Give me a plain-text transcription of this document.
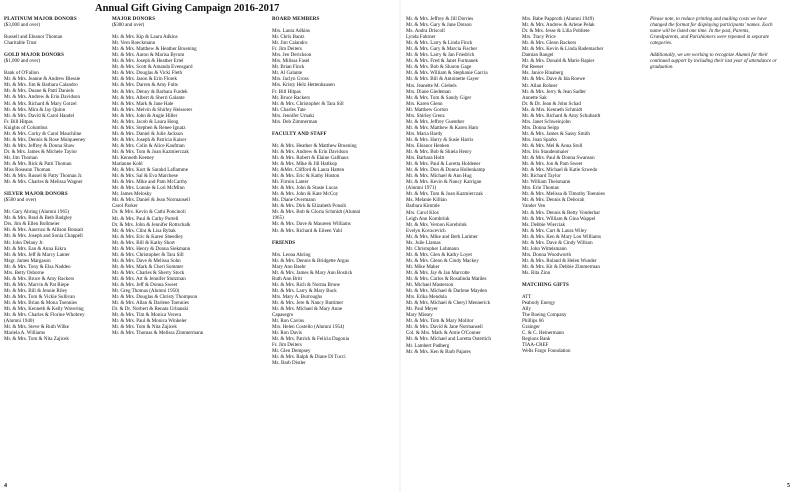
Annual Gift Giving Campaign 2016-2017
PLATINUM MAJOR DONORS
($3,000 and over)
Russell and Eleanor Thoman
Charitable Trust
GOLD MAJOR DONORS
($1,000 and over)
Bank of O'Fallon
Mr. & Mrs. Jeanne & Andrew Blessie
Mr. & Mrs. Jim & Barbara Calandro
Mr. & Mrs. Duane & Patti Daniels
Mr. & Mrs. Andrew & Erin Davidson
Mr. & Mrs. Richard & Mary Gorzel
Mr. & Mrs. Mira & Jay Quinn
Mr. & Mrs. David & Carol Handel
Fr. Bill Hitpas
Knights of Columbus
Mr. & Mrs. Corky & Carol Mauchline
Mr. & Mrs. Dennis & Rose Mulqueeney
Mr. & Mrs. Jeffrey & Donna Shaw
Dr. & Mrs. James & Michele Taylor
Mr. Jim Thoman
Mr. & Mrs. Rick & Patti Thoman
Miss Roseann Thoman
Mr. & Mrs. Russel & Patty Thoman Jr.
Mr. & Mrs. Charles & Melissa Wagner
SILVER MAJOR DONORS
($500 and over)
Mr. Gary Ahring (Alumni 1965)
Mr. & Mrs. Brad & Beth Badgley
Drs. Jim & Ellen Bollmeier
Mr. & Mrs. Aaornzo & Allison Bonsait
Mr. & Mrs. Joseph and Sonia Chappell
Mr. John Delany Jr.
Mr. & Mrs. Ean & Anna Eskra
Mr. & Mrs. Jeff & Marcy Lanter
Msgr. James Margason
Mr. & Mrs. Tony & Elsa Naddeo
Mrs. Betty Osborne
Mr. & Mrs. Bruce & Amy Rackers
Mr. & Mrs. Marvin & Pat Riepe
Mr. & Mrs. Bill & Jennie Riley
Mr. & Mrs. Tom & Vickie Sullivan
Mr. & Mrs. Brian & Mona Toennies
Mr. & Mrs. Kenneth & Kelly Wavering
Mr. & Mrs. Charles & Florine Whobrey
(Alumni 1940)
Mr. & Mrs. Steve & Ruth Wilke
Mariela A. Williams
Mr. & Mrs. Tom & Nita Zajicek
MAJOR DONORS
($300 and over)
Mr. & Mrs. Kip & Laura Adkins
Mr. Vern Boeckmann
Mr. & Mrs. Matthew & Heather Bruening
Mr. & Mrs. Aaron & Marisa Byrum
Mr. & Mrs. Joseph & Heather Ertel
Mr. & Mrs. Scott & Amanda Evensgard
Mr. & Mrs. Douglas & Vicki Fleth
Mr. & Mrs. Jason & Erin Florek
Mr. & Mrs. Darren & Amy Fults
Mr. & Mrs. Denny & Barbara Furdek
Mr. & Mrs. Albert & Sherri Galante
Mr. & Mrs. Mark & Jane Hale
Mr. & Mrs. Melvin & Shirley Heisserer
Mr. & Mrs. John & Angie Hiller
Mr. & Mrs. Jacob & Laura Hong
Mr. & Mrs. Stephen & Renee Ignatz
Mr. & Mrs. Daniel & Julie Jackson
Mr. & Mrs. Joseph & Patricia Kaiser
Mr. & Mrs. Colin & Alice Kaufman
Mr. & Mrs. Tom & Joan Kazmierczak
Mr. Kenneth Keeney
Marianne Kohl
Mr. & Mrs. Kurt & Sarahd Laflamme
Mr. & Mrs. Sal & Eva Marchese
Mr. & Mrs. Mike and Pam McCarthy
Mr. & Mrs. Lonnie & Lori McMinn
Mr. James Melosky
Mr. & Mrs. Daniel & Jean Normansell
Carol Parker
Dr. & Mrs. Kevin & Cathi Poncinoli
Mr. & Mrs. Paul & Cathy Portell
Dr. & Mrs. John & Jennifer Rottschalk
Mr. & Mrs. Clint & Lisa Rybak
Mr. & Mrs. Eric & Karen Sheedley
Mr. & Mrs. Bill & Kathy Short
Mr. & Mrs. Henry & Donna Siekmann
Mr. & Mrs. Christopher & Tara Sill
Mr. & Mrs. Dave & Melissa Sohn
Mr. & Mrs. Mark & Cheri Sommer
Mr. & Mrs. Charles & Sherry Stock
Mr. & Mrs. Art & Jennifer Stutzman
Mr. & Mrs. Jeff & Donna Sweet
Mr. Greg Thomas (Alumni 1950)
Mr. & Mrs. Douglas & Christy Thompson
Mr. & Mrs. Allan & Darlene Toennies
Dr. & Dr. Norbert & Renata Urbanski
Mr. & Mrs. Tim & Monica Vecera
Mr. & Mrs. Paul & Monica Winkeler
Mr. & Mrs. Tom & Nita Zajicek
Mr. & Mrs. Thomas & Melissa Zimmermann
BOARD MEMBERS
Mrs. Laura Adkins
Mr. Chris Bantz
Mr. Jim Calandro
Fr. Jim Deiters
Mrs. Jen Derickson
Mrs. Milissa Fasel
Mr. Brian Finck
Mr. Al Galante
Mrs. Jaclyn Gross
Mrs. Kristy Helz Hettenhausen
Fr. Bill Hitpas
Mr. Bruce Rackers
Mr. & Mrs. Christopher & Tara Sill
Mr. Charles Tate
Mrs. Jennifer Urnaki
Mrs. Deb Zimmerman
FACULTY AND STAFF
Mr. & Mrs. Heather & Matthew Bruening
Mr. & Mrs. Andrew & Erin Davidson
Mr. & Mrs. Robert & Elaine Gallhaus
Mr. & Mrs. Mike & Jill Hatlkop
Mr. &Mrs. Clifford & Laura Hatten
Mr. & Mrs. Eric & Kathy Huston
Mr. Firmin Lanter
Mr. & Mrs. John & Stasie Lucas
Mr. & Mrs. John & Kate McCoy
Ms. Diane Overmann
Mr. & Mrs. Dirk & Elizabeth Ponsib
Mr. & Mrs. Bob & Gloria Schmidt (Alumni
1965)
Mr. & Mrs. Dave & Maureen Williams
Mr. & Mrs. Richard & Eileen Yahl
FRIENDS
Mrs. Leona Ahring
Mr. & Mrs. Dennis & Bridgette Argus
Mary Ann Baehr
Mr. & Mrs. James & Mary Ann Bostick
Ruth Ann Britt
Mr. & Mrs. Rich & Norma Brune
Mr. & Mrs. Larry & Mary Buck
Mrs. Mary A. Burroughs
Mr. & Mrs. Jere & Nancy Buttimer
Mr. & Mrs. Michael & Mary Anne
Capasegro
Mr. Ron Cavins
Mrs. Helen Costello (Alumni 1954)
Mr. Ron Davis
Mr. & Mrs. Patrick & Felicia Dagonia
Fr. Jim Deiters
Mr. Glen Dempsey
Mr. & Mrs. Ralph & Diane Di Tucci
Ms. Barb Distler
Mr. & Mrs. Jeffrey & Jill Dorries
Mr. & Mrs. Gary & Jane Dotson
Ms. Andra Driscoll
Lynda Fahrner
Mr. & Mrs. Larry & Linda Finck
Mr. & Mrs. Gary & Marcia Fischer
Mr. & Mrs. Larry & Jan Friedrich
Mr. & Mrs. Fred & Janet Furmanek
Mr. & Mrs. Bob & Sharon Gage
Mr. & Mrs. William & Stephanie Garcia
Mr. & Mrs. Bill & Antoinette Gayer
Mrs. Jeanette M. Giebels
Mrs. Diane Giedeman
Mr. & Mrs. Tom & Sandy Giger
Mrs. Karen Glenn
Mr. Matthew Gorton
Mrs. Shirley Grenz
Mr. & Mrs. Jeffrey Guenther
Mr. & Mrs. Matthew & Karen Ham
Mrs. Maria Hardy
Mr. & Mrs. Harry & Susie Harris
Mrs. Eleanor Henken
Mr. & Mrs. Bob & Shiela Henry
Mrs. Barbara Holtt
Mr. & Mrs. Paul & Loretta Holdener
Mr. & Mrs. Don & Donna Hollenkamp
Mr. & Mrs. Michael & Ann Hug
Mr. & Mrs. Kevin & Nancy Karrigan
(Alumni 1971)
Mr. & Mrs. Tom & Joan Kazmierczak
Ms. Melanie Killian
Barbara Kimmle
Mrs. Carol Klos
Leigh Ann Kombrink
Mr. & Mrs. Vernon Korebrink
Evelyn Kovacevich
Mr. & Mrs. Mike and Beth Larimer
Ms. Julie Llamas
Mr. Christopher Lohmann
Mr. & Mrs. Glen & Kathy Loyet
Mr. & Mrs. Glenn & Cindy Mackey
Mr. Mike Maher
Mr. & Mrs. Jay & Jan Marcotte
Mr. & Mrs. Carlos & Rosalinda Matiles
Mr. Michael Masterson
Mr. & Mrs. Michael & Darlene Mayden
Mrs. Erika Mendola
Mr. & Mrs. Michael & Cheryl Mennerick
Mr. Paul Meyer
Mary Missey
Mr. & Mrs. Tom & Mary Molitor
Mr. & Mrs. David & Jane Normansell
Col. & Mrs. Mark & Amie O'Conner
Mr. & Mrs. Michael and Loretta Ostertich
Mr. Lambert Padberg
Mr. & Mrs. Ken & Barb Pajares
Mrs. Babe Papproth (Alumni 1949)
Mr. & Mrs. Andrew & Arlene Pelak
Dr. & Mrs. Jesse & Lilia Pobliete
Mrs. Tracy Price
Mr. & Mrs. Glenn Rackers
Mr. & Mrs. Kevin & Linda Rademacher
Damian Rangel
Mr. & Mrs. Donald & Marie Rapier
Pat Reeser
Ms. Janice Rinaberg
Mr. & Mrs. Dave & Ida Roewe
Mr. Allan Rohner
Mr. & Mrs. Jerry & Jean Sadler
Annette Sak
Dr. & Dr. Jean & John Schad
Ms. & Mrs. Kenneth Schmidt
Mr. & Mrs. Richard & Amy Schubardt
Mrs. Janet Schweinjohn
Mrs. Donna Seipp
Mr. & Mrs. James & Sassy Smith
Mrs. Joan Sparks
Mr. & Mrs. Mel & Anna Stoll
Mrs. Iris Staudenmaier
Mr. & Mrs. Paul & Donna Swanson
Mr. & Mrs. Jon & Pam Sweet
Mr. & Mrs. Michael & Katie Szwedo
Mr. Richard Taylor
Mr. William Theismann
Mrs. Erin Thomas
Mr. & Mrs. Melissa & Timothy Toennies
Mr. & Mrs. Dennis & Deborah
Vander Ven
Mr. & Mrs. Dennis & Betty Vonderhar
Mr. & Mrs. William & Gina Wappel
Ms. Debbie Wierciak
Mr. & Mrs. Curt & Laura Wiley
Mr. & Mrs. Ken & Mary Lou Williams
Mr. & Mrs. Dave & Cindy Willson
Mr. John Wittelsmann
Mrs. Donna Woodworth
Mr. & Mrs. Roland & Helen Wunder
Mr. & Mrs. Kit & Debbie Zimmerman
Ms. Rita Zinn
MATCHING GIFTS
ATT
Peabody Energy
Ally
The Boeing Company
Phillips 66
Grainger
C. & C. Heinermann
Regions Bank
TIAA-CREF
Wells Fargo Foundation
Please note, to reduce printing and mailing costs we have changed the format for displaying participants' names. Each name will be listed one time. In the past, Parents, Grandparents, and Parishioners were repeated in separate categories.
Additionally, we are working to recognize Alumni for their continued support by including their last year of attendance or graduation.
4	5
